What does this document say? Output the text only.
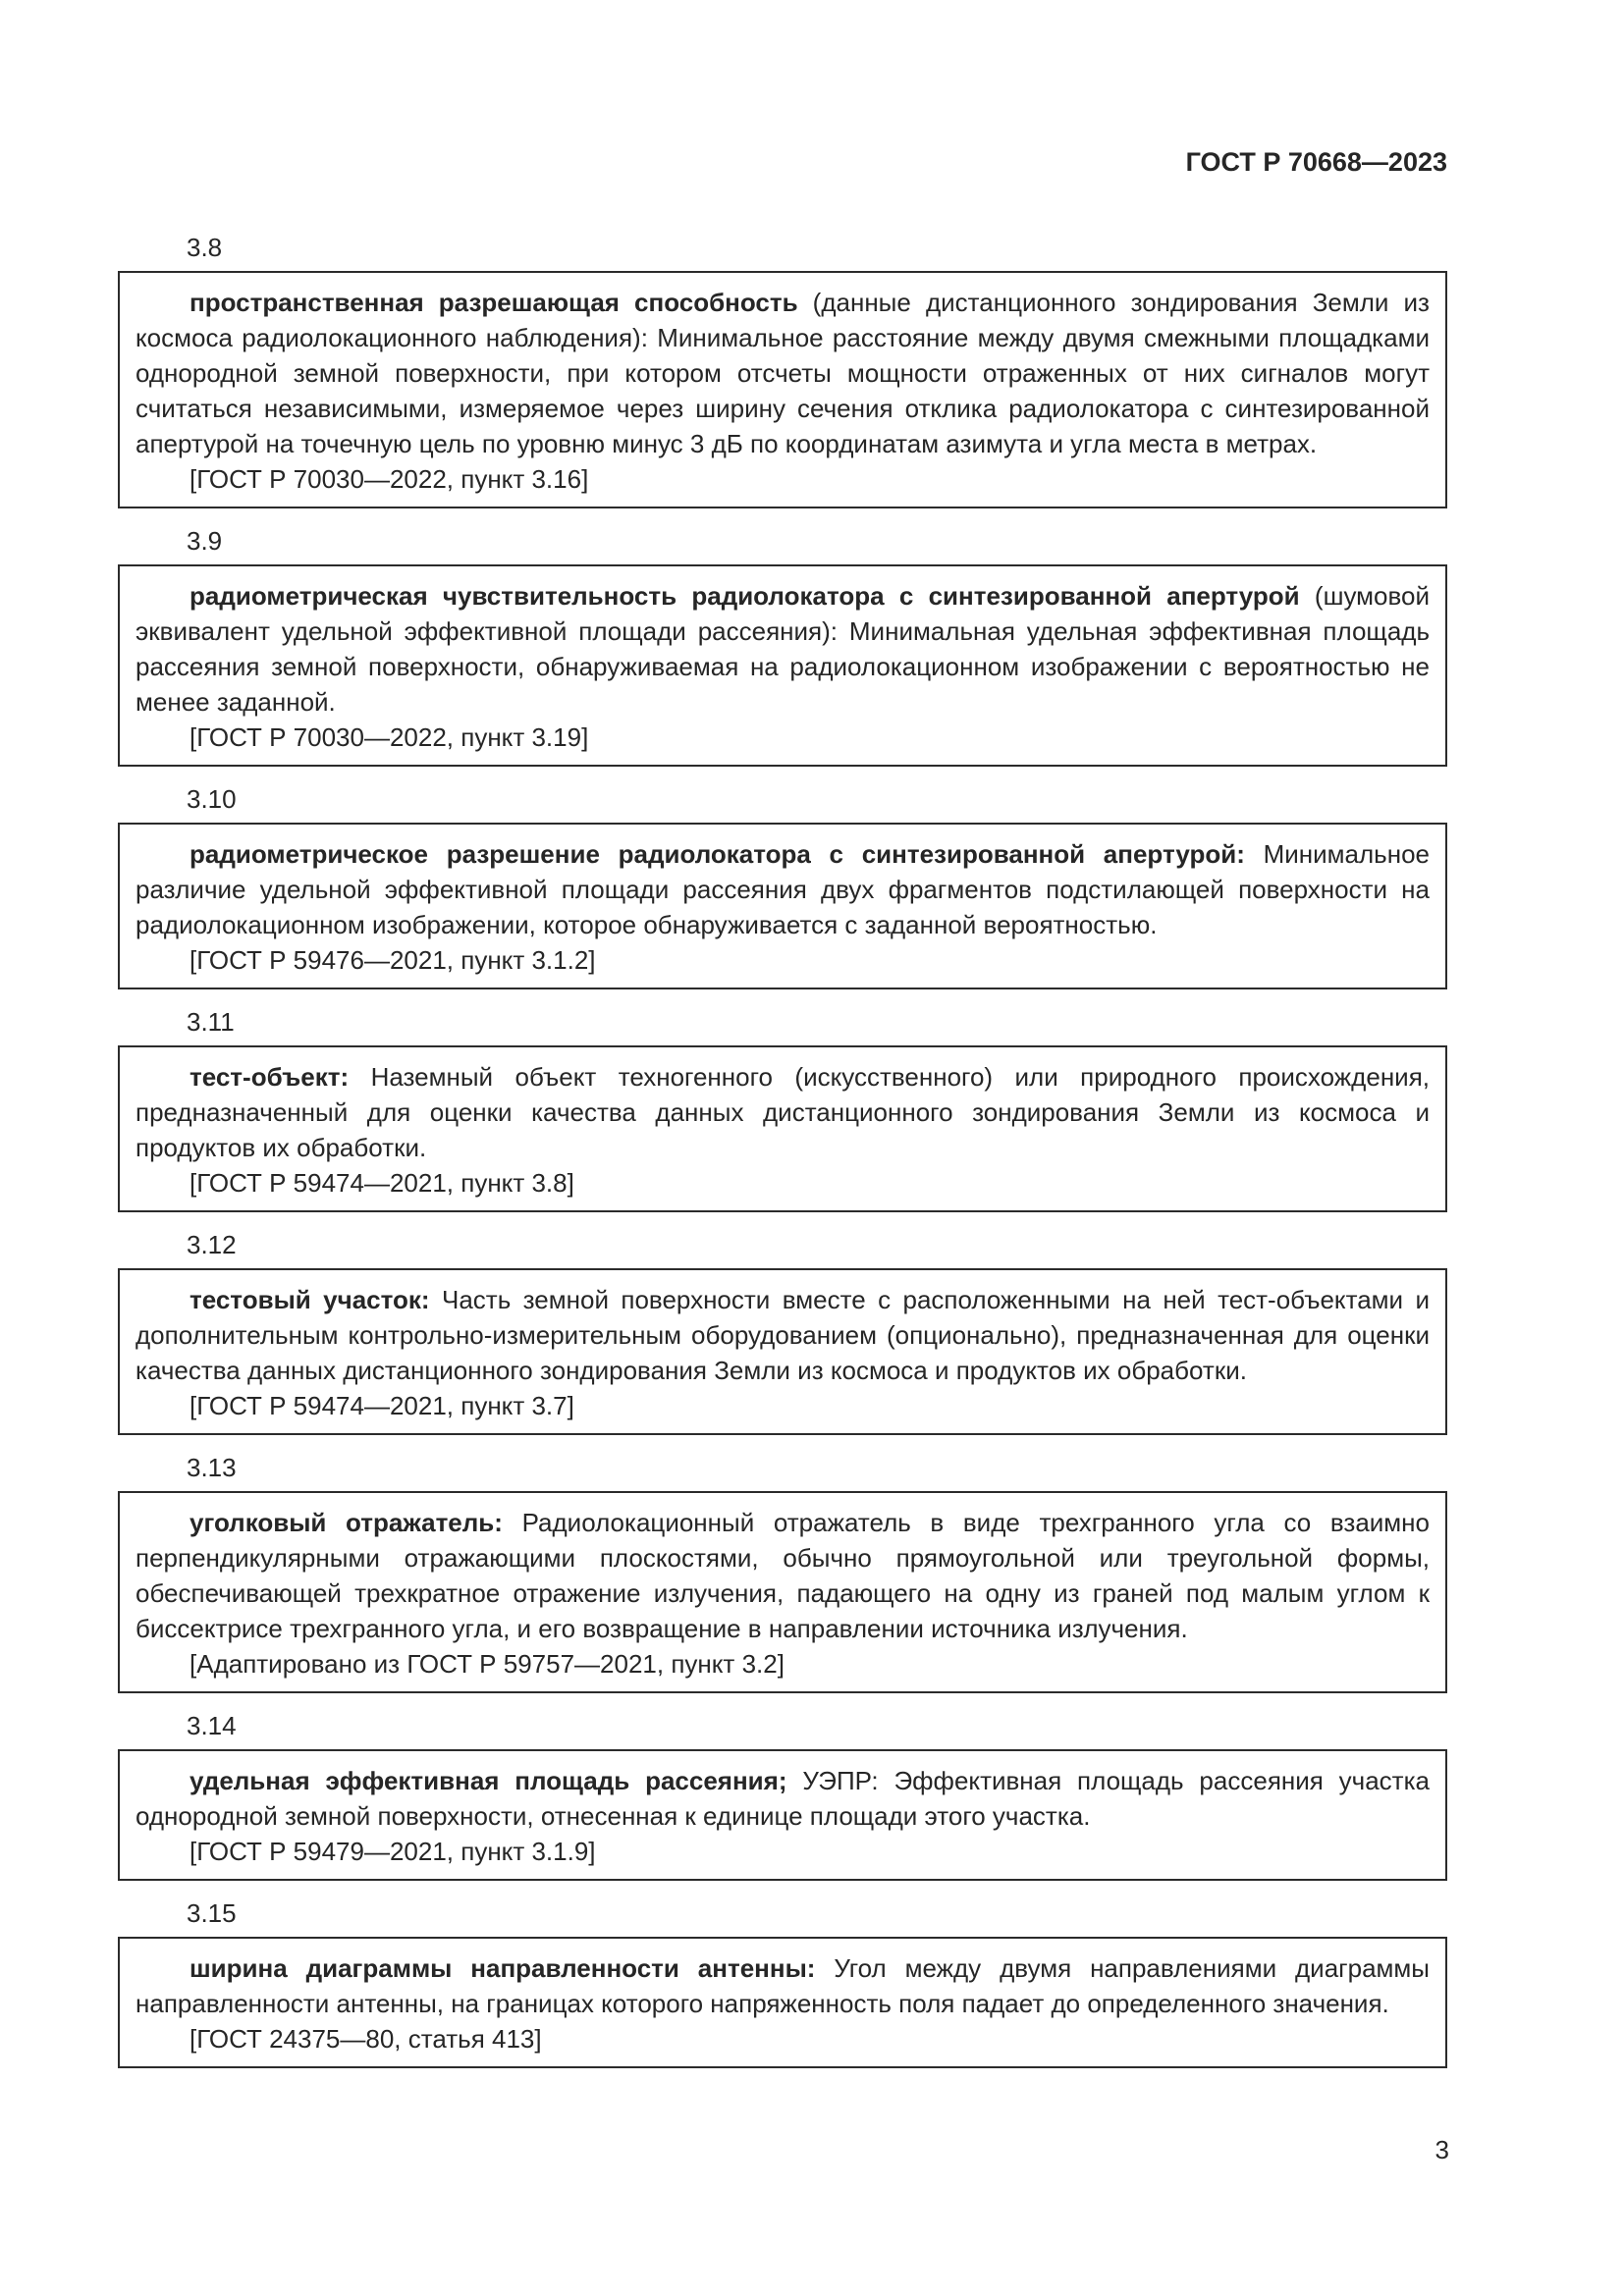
ГОСТ Р 70668—2023
3.8
пространственная разрешающая способность (данные дистанционного зондирования Земли из космоса радиолокационного наблюдения): Минимальное расстояние между двумя смежными площадками однородной земной поверхности, при котором отсчеты мощности отраженных от них сигналов могут считаться независимыми, измеряемое через ширину сечения отклика радиолокатора с синтезированной апертурой на точечную цель по уровню минус 3 дБ по координатам азимута и угла места в метрах.
[ГОСТ Р 70030—2022, пункт 3.16]
3.9
радиометрическая чувствительность радиолокатора с синтезированной апертурой (шумовой эквивалент удельной эффективной площади рассеяния): Минимальная удельная эффективная площадь рассеяния земной поверхности, обнаруживаемая на радиолокационном изображении с вероятностью не менее заданной.
[ГОСТ Р 70030—2022, пункт 3.19]
3.10
радиометрическое разрешение радиолокатора с синтезированной апертурой: Минимальное различие удельной эффективной площади рассеяния двух фрагментов подстилающей поверхности на радиолокационном изображении, которое обнаруживается с заданной вероятностью.
[ГОСТ Р 59476—2021, пункт 3.1.2]
3.11
тест-объект: Наземный объект техногенного (искусственного) или природного происхождения, предназначенный для оценки качества данных дистанционного зондирования Земли из космоса и продуктов их обработки.
[ГОСТ Р 59474—2021, пункт 3.8]
3.12
тестовый участок: Часть земной поверхности вместе с расположенными на ней тест-объектами и дополнительным контрольно-измерительным оборудованием (опционально), предназначенная для оценки качества данных дистанционного зондирования Земли из космоса и продуктов их обработки.
[ГОСТ Р 59474—2021, пункт 3.7]
3.13
уголковый отражатель: Радиолокационный отражатель в виде трехгранного угла со взаимно перпендикулярными отражающими плоскостями, обычно прямоугольной или треугольной формы, обеспечивающей трехкратное отражение излучения, падающего на одну из граней под малым углом к биссектрисе трехгранного угла, и его возвращение в направлении источника излучения.
[Адаптировано из ГОСТ Р 59757—2021, пункт 3.2]
3.14
удельная эффективная площадь рассеяния; УЭПР: Эффективная площадь рассеяния участка однородной земной поверхности, отнесенная к единице площади этого участка.
[ГОСТ Р 59479—2021, пункт 3.1.9]
3.15
ширина диаграммы направленности антенны: Угол между двумя направлениями диаграммы направленности антенны, на границах которого напряженность поля падает до определенного значения.
[ГОСТ 24375—80, статья 413]
3
